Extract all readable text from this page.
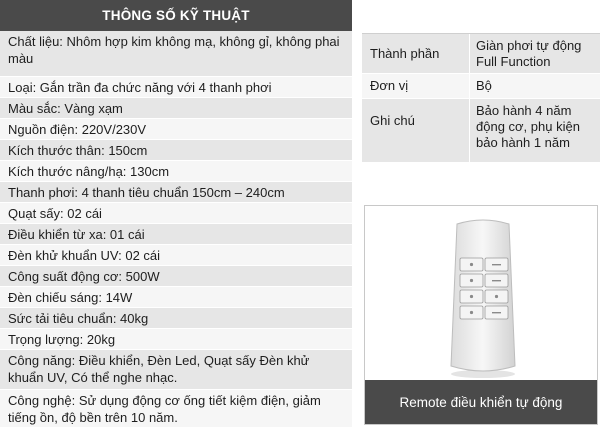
THÔNG SỐ KỸ THUẬT
Chất liệu: Nhôm hợp kim không mạ, không gỉ, không phai màu
Loại: Gắn trần đa chức năng với 4 thanh phơi
Màu sắc: Vàng xạm
Nguồn điện: 220V/230V
Kích thước thân: 150cm
Kích thước nâng/hạ: 130cm
Thanh phơi: 4 thanh tiêu chuẩn 150cm – 240cm
Quạt sấy: 02 cái
Điều khiển từ xa: 01 cái
Đèn khử khuẩn UV: 02 cái
Công suất động cơ: 500W
Đèn chiếu sáng: 14W
Sức tải tiêu chuẩn: 40kg
Trọng lượng: 20kg
Công năng: Điều khiển, Đèn Led, Quạt sấy Đèn khử khuẩn UV, Có thể nghe nhạc.
Công nghệ: Sử dụng động cơ ống tiết kiệm điện, giảm tiếng ồn, độ bền trên 10 năm.
Thành phần
Giàn phơi tự động Full Function
Đơn vị	Bộ
Ghi chú
Bảo hành 4 năm động cơ, phụ kiện bảo hành 1 năm
Remote điều khiển tự động
